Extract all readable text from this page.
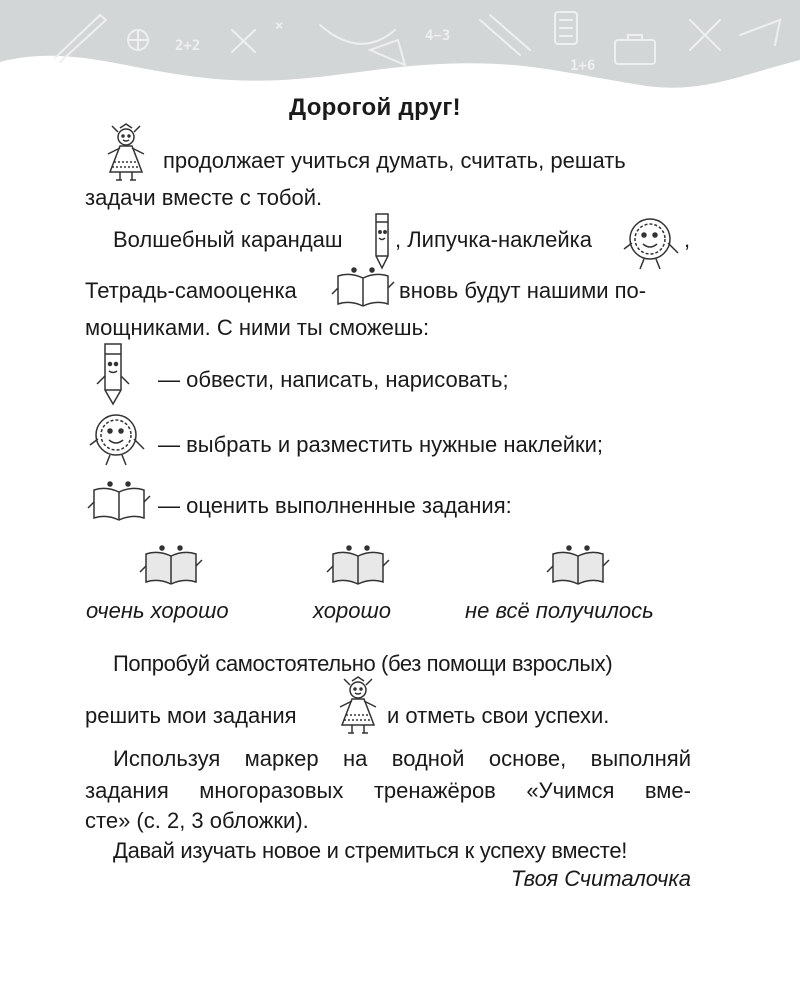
2+2
×
4−3
1+6
Дорогой друг!
продолжает учиться думать, считать, решать
задачи вместе с тобой.
Волшебный карандаш , Липучка-наклейка	,
Тетрадь-самооценка	вновь будут нашими по-
мощниками. С ними ты сможешь:
— обвести, написать, нарисовать;
— выбрать и разместить нужные наклейки;
— оценить выполненные задания:
очень хорошо	хорошо	не всё получилось
Попробуй самостоятельно (без помощи взрослых)
решить мои задания	и отметь свои успехи.
Используя маркер на водной основе, выполняй
задания многоразовых тренажёров «Учимся вме-
сте» (с. 2, 3 обложки).
Давай изучать новое и стремиться к успеху вместе!
Твоя Считалочка
